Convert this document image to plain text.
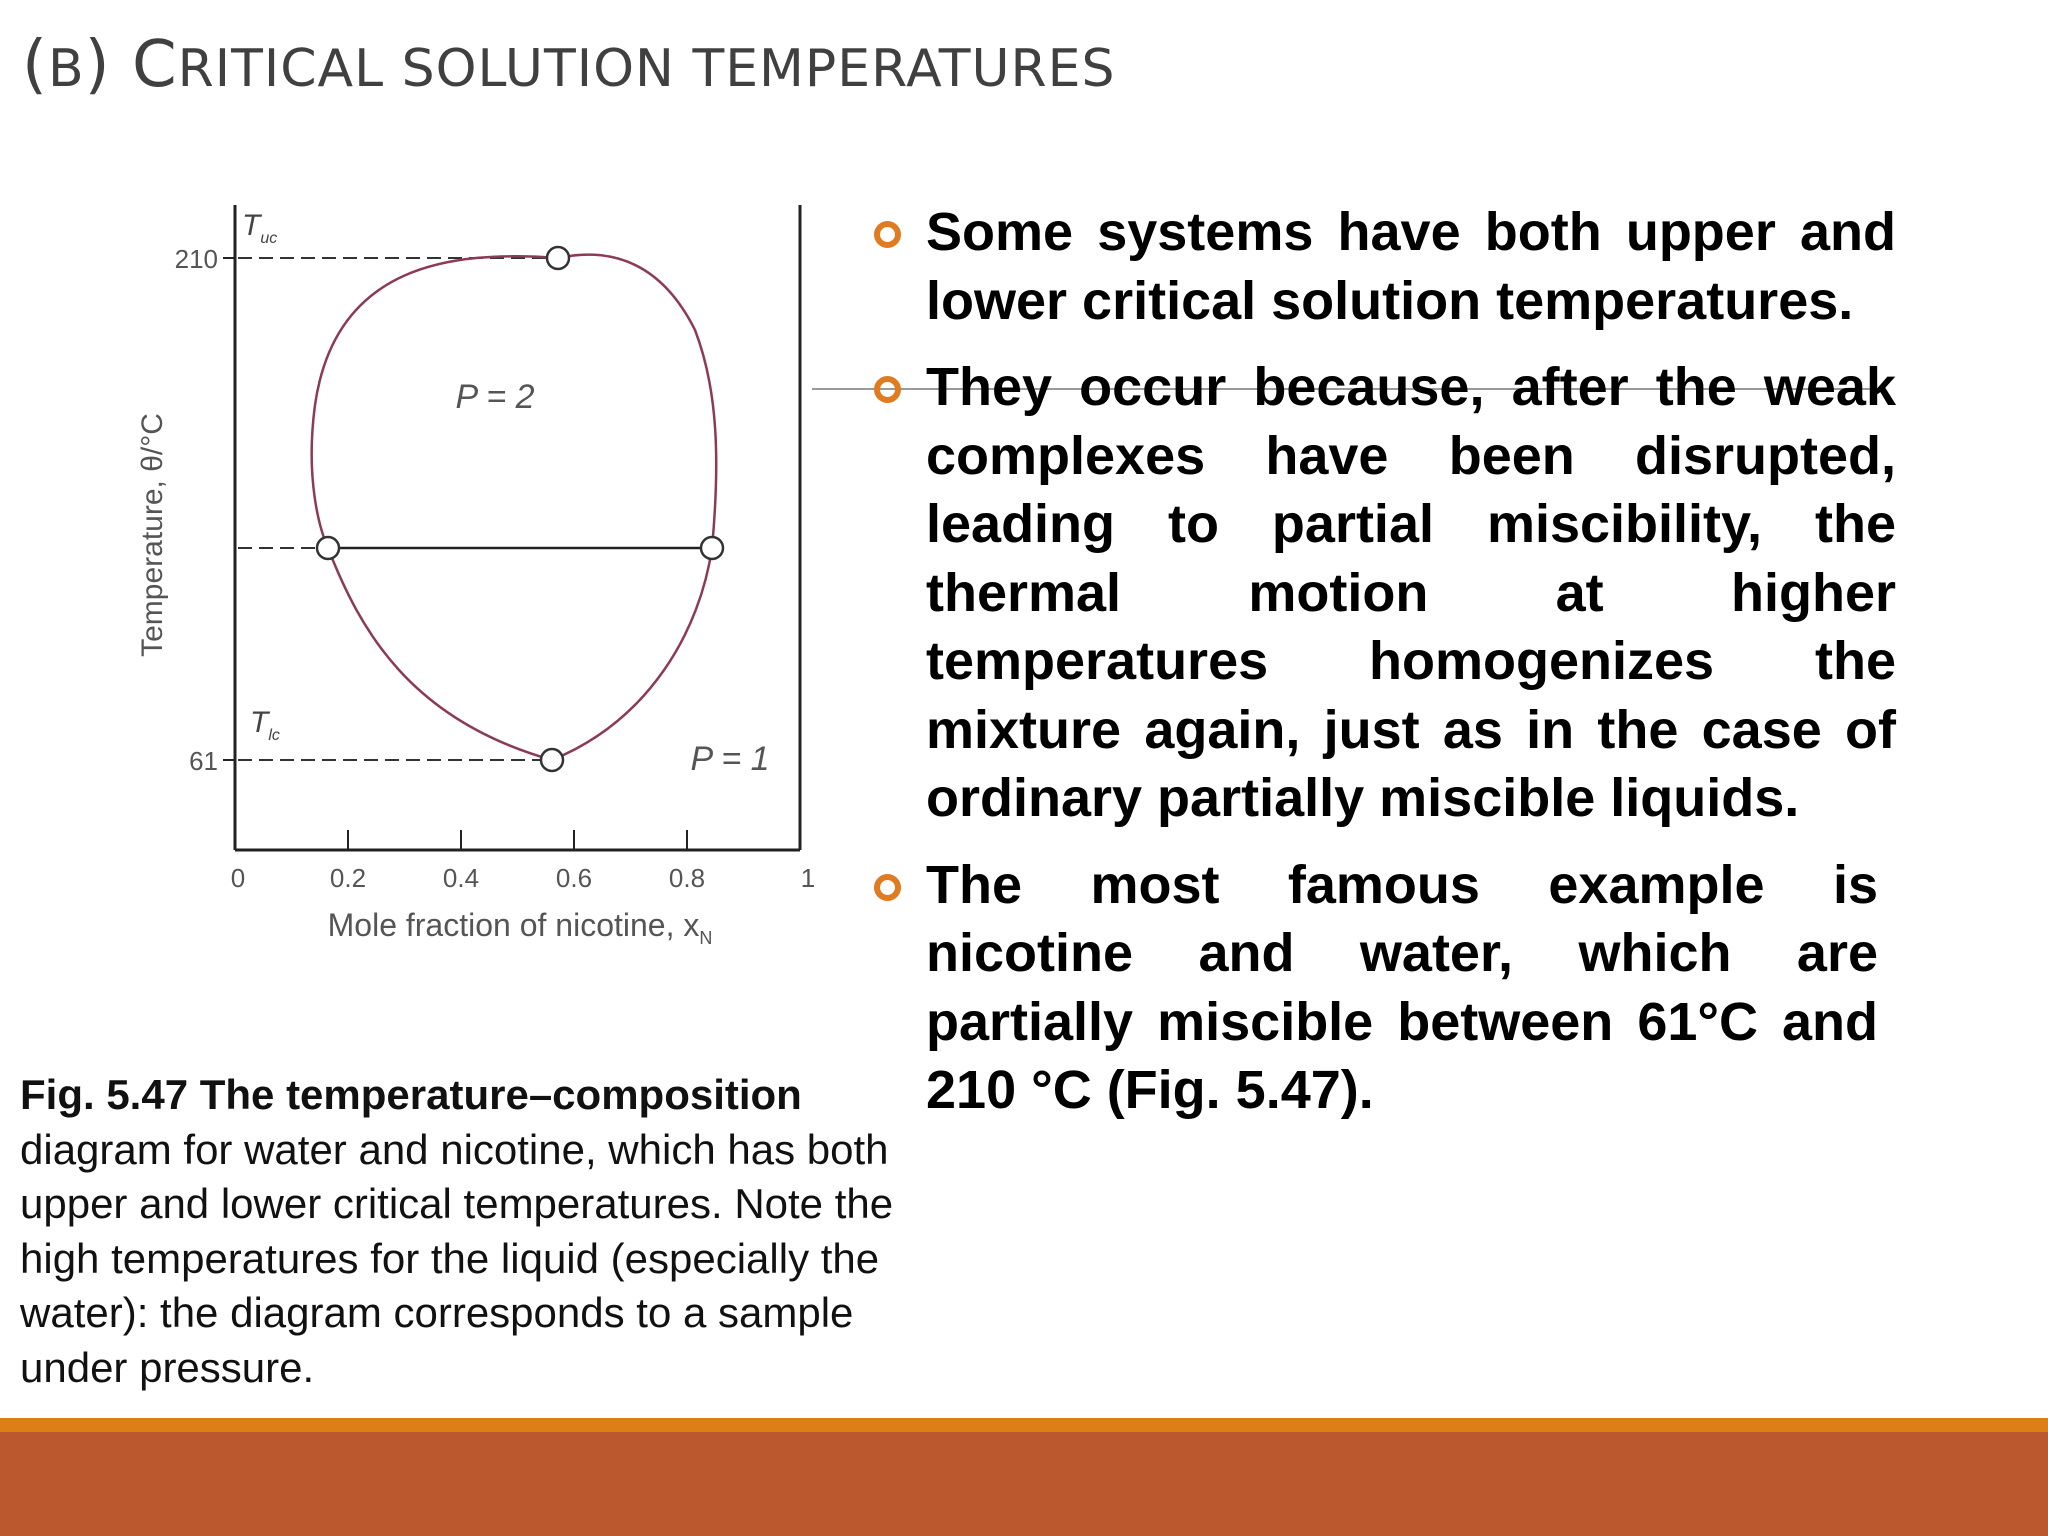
(B) CRITICAL SOLUTION TEMPERATURES
210
61
0	0.2	0.4	0.6	0.8	1
Mole fraction of nicotine, $x_N$
Temperature, θ/°C
$T_{uc}$
$T_{lc}$
P = 2
P = 1
Some systems have both upper and lower critical solution temperatures.
They occur because, after the weak complexes have been disrupted, leading to partial miscibility, the thermal motion at higher temperatures homogenizes the mixture again, just as in the case of ordinary partially miscible liquids.
The most famous example is nicotine and water, which are partially miscible between 61°C and 210 °C (Fig. 5.47).
Fig. 5.47 The temperature–composition diagram for water and nicotine, which has both upper and lower critical temperatures. Note the high temperatures for the liquid (especially the water): the diagram corresponds to a sample under pressure.
